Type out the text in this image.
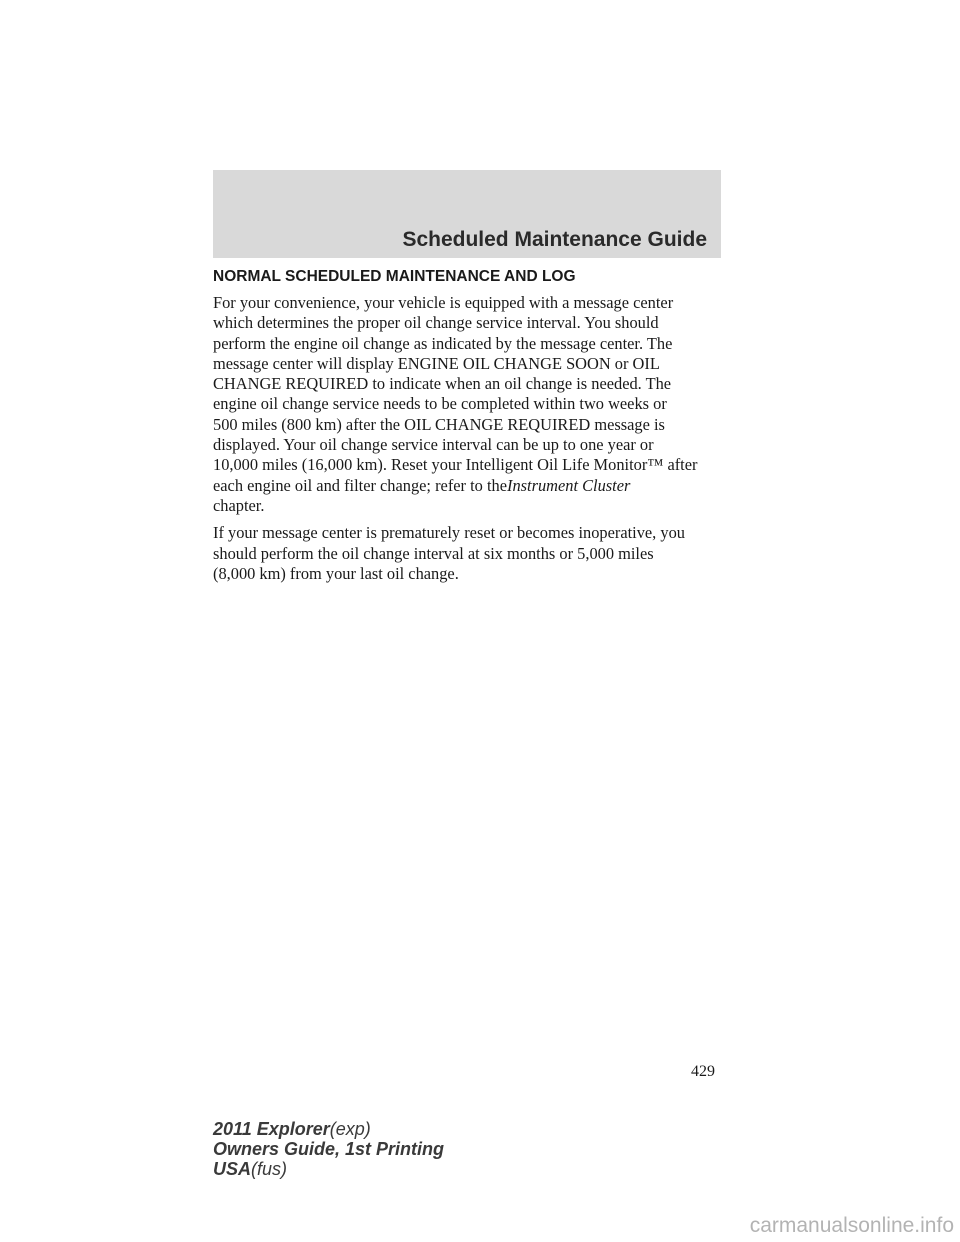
Scheduled Maintenance Guide
NORMAL SCHEDULED MAINTENANCE AND LOG
For your convenience, your vehicle is equipped with a message center
which determines the proper oil change service interval. You should
perform the engine oil change as indicated by the message center. The
message center will display ENGINE OIL CHANGE SOON or OIL
CHANGE REQUIRED to indicate when an oil change is needed. The
engine oil change service needs to be completed within two weeks or
500 miles (800 km) after the OIL CHANGE REQUIRED message is
displayed. Your oil change service interval can be up to one year or
10,000 miles (16,000 km). Reset your Intelligent Oil Life Monitor™ after
each engine oil and filter change; refer to theInstrument Cluster
chapter.
If your message center is prematurely reset or becomes inoperative, you
should perform the oil change interval at six months or 5,000 miles
(8,000 km) from your last oil change.
429
2011 Explorer(exp)
Owners Guide, 1st Printing
USA(fus)
carmanualsonline.info
